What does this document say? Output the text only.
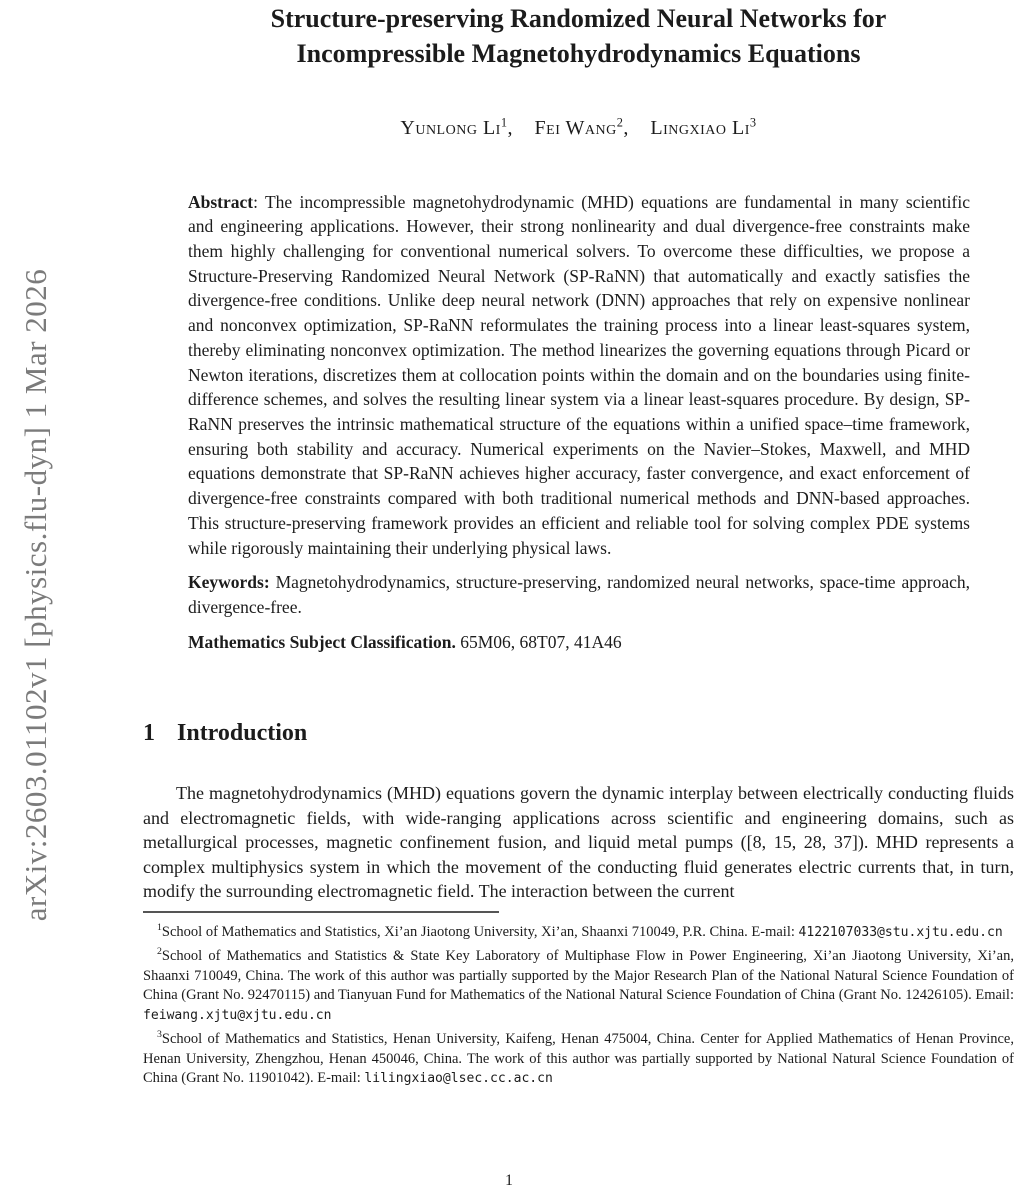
arXiv:2603.01102v1 [physics.flu-dyn] 1 Mar 2026
Structure-preserving Randomized Neural Networks for
Incompressible Magnetohydrodynamics Equations
Yunlong Li$^1$, Fei Wang$^2$, Lingxiao Li$^3$

Abstract: The incompressible magnetohydrodynamic (MHD) equations are fundamental in many scientific and engineering applications. However, their strong nonlinearity and dual divergence-free constraints make them highly challenging for conventional numerical solvers. To overcome these difficulties, we propose a Structure-Preserving Randomized Neural Network (SP-RaNN) that automatically and exactly satisfies the divergence-free conditions. Unlike deep neural network (DNN) approaches that rely on expensive nonlinear and nonconvex optimization, SP-RaNN reformulates the training process into a linear least-squares system, thereby eliminating nonconvex optimization. The method linearizes the governing equations through Picard or Newton iterations, discretizes them at collocation points within the domain and on the boundaries using finite-difference schemes, and solves the resulting linear system via a linear least-squares procedure. By design, SP-RaNN preserves the intrinsic mathematical structure of the equations within a unified space–time framework, ensuring both stability and accuracy. Numerical experiments on the Navier–Stokes, Maxwell, and MHD equations demonstrate that SP-RaNN achieves higher accuracy, faster convergence, and exact enforcement of divergence-free constraints compared with both traditional numerical methods and DNN-based approaches. This structure-preserving framework provides an efficient and reliable tool for solving complex PDE systems while rigorously maintaining their underlying physical laws.

Keywords: Magnetohydrodynamics, structure-preserving, randomized neural networks, space-time approach, divergence-free.

Mathematics Subject Classification. 65M06, 68T07, 41A46

1 Introduction

The magnetohydrodynamics (MHD) equations govern the dynamic interplay between electrically conducting fluids and electromagnetic fields, with wide-ranging applications across scientific and engineering domains, such as metallurgical processes, magnetic confinement fusion, and liquid metal pumps ([8, 15, 28, 37]). MHD represents a complex multiphysics system in which the movement of the conducting fluid generates electric currents that, in turn, modify the surrounding electromagnetic field. The interaction between the current

$^1$School of Mathematics and Statistics, Xi’an Jiaotong University, Xi’an, Shaanxi 710049, P.R. China. E-mail: 4122107033@stu.xjtu.edu.cn

$^2$School of Mathematics and Statistics & State Key Laboratory of Multiphase Flow in Power Engineering, Xi’an Jiaotong University, Xi’an, Shaanxi 710049, China. The work of this author was partially supported by the Major Research Plan of the National Natural Science Foundation of China (Grant No. 92470115) and Tianyuan Fund for Mathematics of the National Natural Science Foundation of China (Grant No. 12426105). Email: feiwang.xjtu@xjtu.edu.cn

$^3$School of Mathematics and Statistics, Henan University, Kaifeng, Henan 475004, China. Center for Applied Mathematics of Henan Province, Henan University, Zhengzhou, Henan 450046, China. The work of this author was partially supported by National Natural Science Foundation of China (Grant No. 11901042). E-mail: lilingxiao@lsec.cc.ac.cn

1
